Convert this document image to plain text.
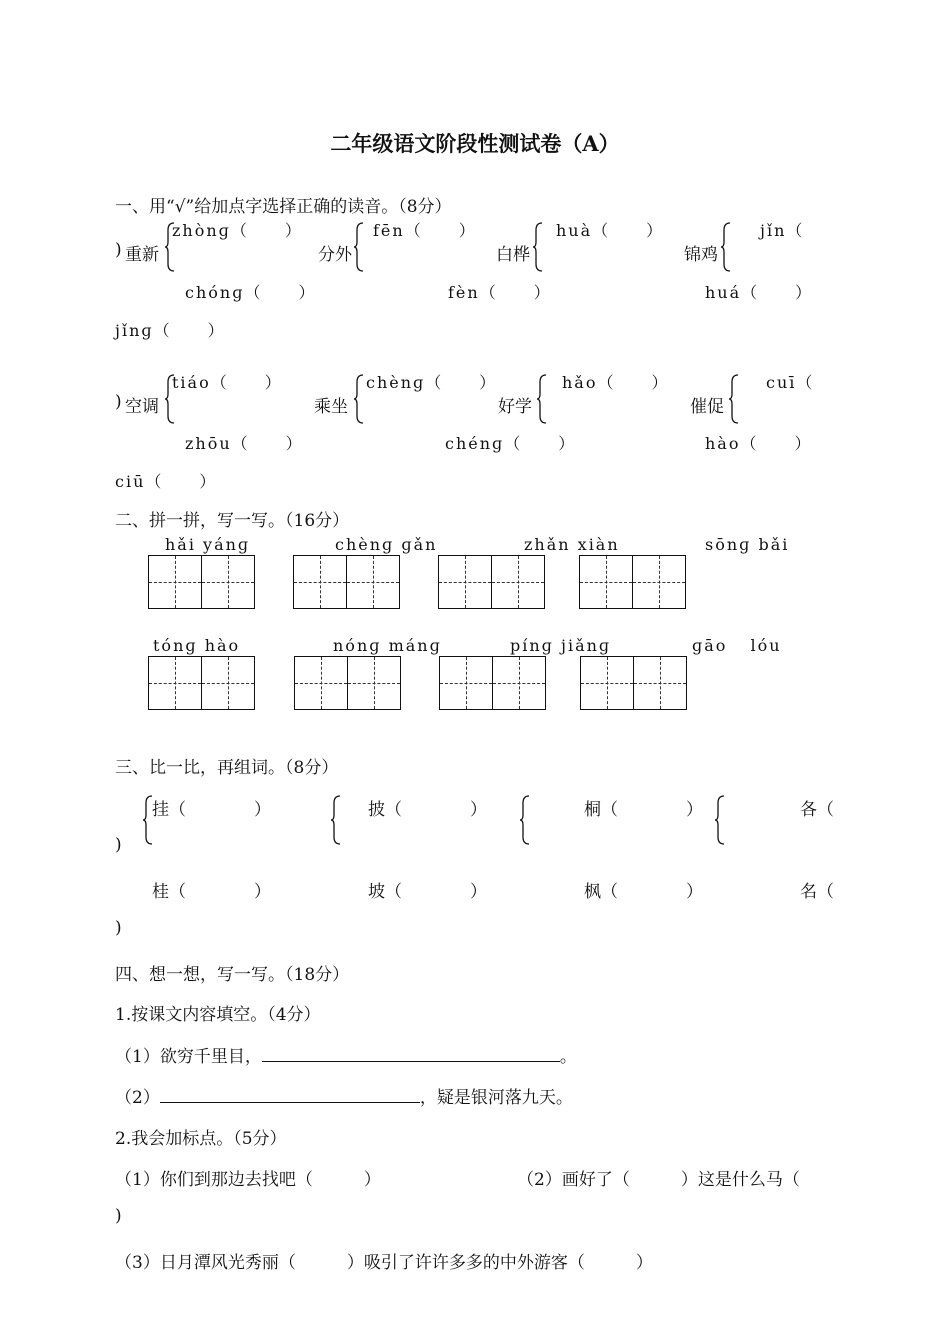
二年级语文阶段性测试卷（A）
一、用“√”给加点字选择正确的读音。（8分）
zhònɡ（　　）	fēn（　　）	huà（　　）	jǐn（
) 重新	分外	白桦	锦鸡
chónɡ（　　）	fèn（　　）	huá（　　）
jǐnɡ（　　）
tiáo（　　）	chènɡ（　　）	hǎo（　　）	cuī（
) 空调	乘坐	好学	催促
zhōu（　　）	chénɡ（　　）	hào（　　）
ciū（　　）
二、拼一拼，写一写。（16分）
hǎi yánɡ	chènɡ ɡǎn	zhǎn xiàn	sōnɡ bǎi
tónɡ hào	nónɡ mánɡ	pínɡ jiǎnɡ	ɡāo lóu
三、比一比，再组词。（8分）
挂（　　　　）	披（　　　　）	桐（　　　　）	各（
)
桂（　　　　）	坡（　　　　）	枫（　　　　）	名（
)
四、想一想，写一写。（18分）
1.按课文内容填空。（4分）
（1）欲穷千里目，	。
（2）	，疑是银河落九天。
2.我会加标点。（5分）
（1）你们到那边去找吧（　　　）	（2）画好了（　　　）这是什么马（
)
（3）日月潭风光秀丽（　　　）吸引了许许多多的中外游客（　　　）
